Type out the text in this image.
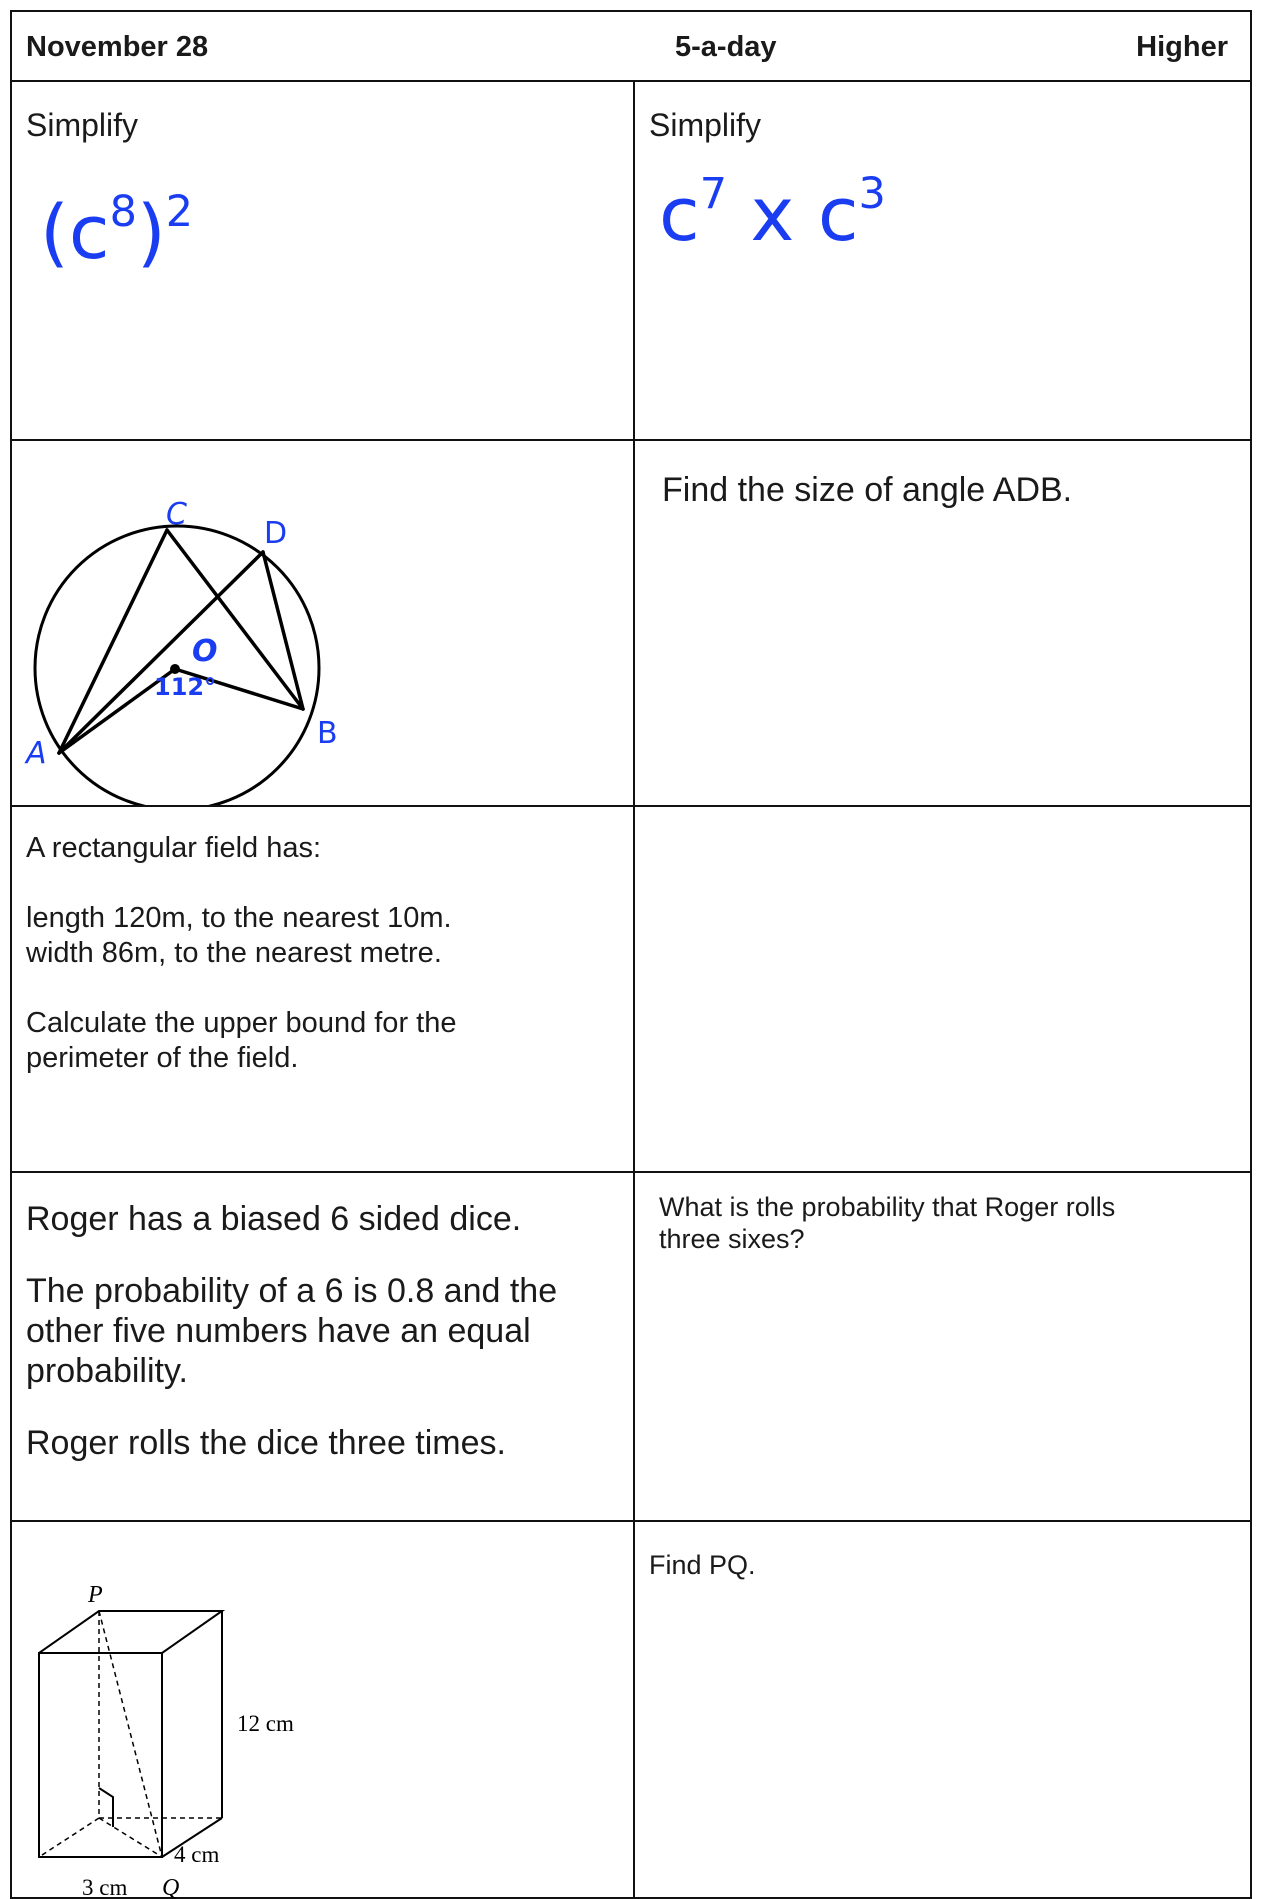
November 28	5-a-day	Higher
Simplify
$(c^8)^2$
Simplify
$c^7$ x $c^3$
C
D
O
112°
A
B
Find the size of angle ADB.

A rectangular field has:

length 120m, to the nearest 10m.

width 86m, to the nearest metre.

Calculate the upper bound for the

perimeter of the field.

Roger has a biased 6 sided dice.

The probability of a 6 is 0.8 and the

other five numbers have an equal

probability.

Roger rolls the dice three times.

What is the probability that Roger rolls

three sixes?

P
12 cm
4 cm
3 cm Q

Find PQ.
